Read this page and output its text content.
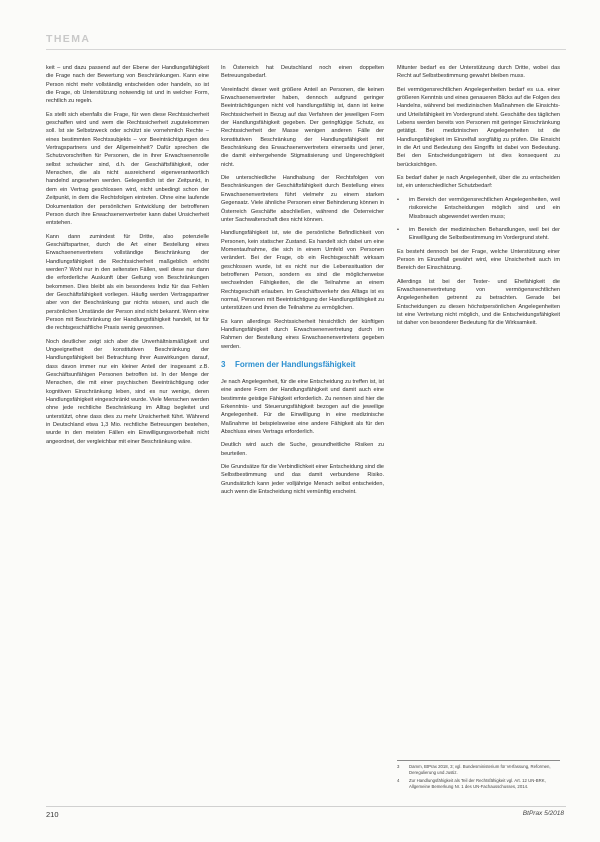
THEMA

keit – und dazu passend auf der Ebene der Handlungsfähigkeit die Frage nach der Bewertung von Beschränkungen. Kann eine Person nicht mehr vollständig entscheiden oder handeln, so ist die Frage, ob Unterstützung notwendig ist und in welcher Form, rechtlich zu regeln.

Es stellt sich ebenfalls die Frage, für wen diese Rechtssicherheit geschaffen wird und wem die Rechtssicherheit zugutekommen soll. Ist sie Selbstzweck oder schützt sie vornehmlich Rechte – eines bestimmten Rechtssubjekts – vor Beeinträchtigungen des Vertragspartners und der Allgemeinheit? Dafür sprechen die Schutzvorschriften für Personen, die in ihrer Erwachsenenrolle selbst schwächer sind, d.h. der Geschäftsfähigkeit, oder Menschen, die als nicht ausreichend eigenverantwortlich handelnd angesehen werden. Gelegentlich ist der Zeitpunkt, in dem ein Vertrag geschlossen wird, nicht unbedingt schon der Zeitpunkt, in dem die Rechtsfolgen eintreten. Ohne eine laufende Dokumentation der persönlichen Entwicklung der betroffenen Person durch ihre Erwachsenenvertreter kann dabei Unsicherheit entstehen.

Kann dann zumindest für Dritte, also potenzielle Geschäftspartner, durch die Art einer Bestellung eines Erwachsenenvertreters vollständige Beschränkung der Handlungsfähigkeit die Rechtssicherheit maßgeblich erhöht werden? Wohl nur in den seltensten Fällen, weil diese nur dann die erforderliche Auskunft über Geltung von Beschränkungen bekommen. Dies bleibt als ein besonderes Indiz für das Fehlen der Geschäftsfähigkeit vorliegen. Häufig werden Vertragspartner aber von der Beschränkung gar nichts wissen, und auch die persönlichen Umstände der Person sind nicht bekannt. Wenn eine Person mit Beschränkung der Handlungsfähigkeit handelt, ist für die rechtsgeschäftliche Praxis wenig gewonnen.

Noch deutlicher zeigt sich aber die Unverhältnismäßigkeit und Ungeeignetheit der konstitutiven Beschränkung der Handlungsfähigkeit bei Betrachtung ihrer Auswirkungen darauf, dass davon immer nur ein kleiner Anteil der insgesamt z.B. Geschäftsunfähigen Personen betroffen ist. In der Menge der Menschen, die mit einer psychischen Beeinträchtigung oder kognitiven Einschränkung leben, sind es nur wenige, deren Handlungsfähigkeit eingeschränkt wurde. Viele Menschen werden ohne jede rechtliche Beschränkung im Alltag begleitet und unterstützt, ohne dass dies zu mehr Unsicherheit führt. Während in Deutschland etwa 1,3 Mio. rechtliche Betreuungen bestehen, wurde in den meisten Fällen ein Einwilligungsvorbehalt nicht angeordnet, der vergleichbar mit einer Beschränkung wäre.

In Österreich hat Deutschland noch einen doppelten Betreuungsbedarf.

Vereinfacht dieser weit größere Anteil an Personen, die keinen Erwachsenenvertreter haben, dennoch aufgrund geringer Beeinträchtigungen nicht voll handlungsfähig ist, dann ist keine Rechtssicherheit in Bezug auf das Verfahren der jeweiligen Form der Handlungsfähigkeit gegeben. Der geringfügige Schutz, es Rechtssicherheit der Masse wenigen anderen Fälle der konstitutiven Beschränkung der Handlungsfähigkeit mit Beschränkung des Erwachsenenvertreters einerseits und jener, die damit einhergehende Stigmatisierung und Ungerechtigkeit nicht.

Die unterschiedliche Handhabung der Rechtsfolgen von Beschränkungen der Geschäftsfähigkeit durch Bestellung eines Erwachsenenvertreters führt vielmehr zu einem starken Gegensatz. Viele ähnliche Personen einer Behinderung können in Österreich Geschäfte abschließen, während die Österreicher unter Sachwalterschaft dies nicht können.

Handlungsfähigkeit ist, wie die persönliche Befindlichkeit von Personen, kein statischer Zustand. Es handelt sich dabei um eine Momentaufnahme, die sich in einem Umfeld von Personen verändert. Bei der Frage, ob ein Rechtsgeschäft wirksam geschlossen wurde, ist es nicht nur die Lebenssituation der betroffenen Person, sondern es sind die möglicherweise wechselnden Fähigkeiten, die die Teilnahme an einem Rechtsgeschäft erlauben. Im Geschäftsverkehr des Alltags ist es normal, Personen mit Beeinträchtigung der Handlungsfähigkeit zu unterstützen und ihnen die Teilnahme zu ermöglichen.

Es kann allerdings Rechtssicherheit hinsichtlich der künftigen Handlungsfähigkeit durch Erwachsenenvertretung durch im Rahmen der Bestellung eines Erwachsenenvertreters gegeben werden.

3	Formen der Handlungsfähigkeit

Je nach Angelegenheit, für die eine Entscheidung zu treffen ist, ist eine andere Form der Handlungsfähigkeit und damit auch eine bestimmte geistige Fähigkeit erforderlich. Zu nennen sind hier die Erkenntnis- und Steuerungsfähigkeit bezogen auf die jeweilige Angelegenheit. Für die Einwilligung in eine medizinische Maßnahme ist beispielsweise eine andere Fähigkeit als für den Abschluss eines Vertrags erforderlich.

Deutlich wird auch die Suche, gesundheitliche Risiken zu beurteilen.

Die Grundsätze für die Verbindlichkeit einer Entscheidung sind die Selbstbestimmung und das damit verbundene Risiko. Grundsätzlich kann jeder volljährige Mensch selbst entscheiden, auch wenn die Entscheidung nicht vernünftig erscheint.

Mitunter bedarf es der Unterstützung durch Dritte, wobei das Recht auf Selbstbestimmung gewahrt bleiben muss.

Bei vermögensrechtlichen Angelegenheiten bedarf es u.a. einer größeren Kenntnis und eines genaueren Blicks auf die Folgen des Handelns, während bei medizinischen Maßnahmen die Einsichts- und Urteilsfähigkeit im Vordergrund steht. Geschäfte des täglichen Lebens werden bereits von Personen mit geringer Einschränkung getätigt. Bei medizinischen Angelegenheiten ist die Handlungsfähigkeit im Einzelfall sorgfältig zu prüfen. Die Einsicht in die Art und Bedeutung des Eingriffs ist dabei von Bedeutung. Bei den Entscheidungsträgern ist dies konsequent zu berücksichtigen.

Es bedarf daher je nach Angelegenheit, über die zu entscheiden ist, ein unterschiedlicher Schutzbedarf:

•	im Bereich der vermögensrechtlichen Angelegenheiten, weil risikoreiche Entscheidungen möglich sind und ein Missbrauch abgewendet werden muss;
•	im Bereich der medizinischen Behandlungen, weil bei der Einwilligung die Selbstbestimmung im Vordergrund steht.

Es besteht dennoch bei der Frage, welche Unterstützung einer Person im Einzelfall gewährt wird, eine Unsicherheit auch im Bereich der Einschätzung.

Allerdings ist bei der Tester- und Ehefähigkeit die Erwachsenenvertretung von vermögensrechtlichen Angelegenheiten getrennt zu betrachten. Gerade bei Entscheidungen zu diesen höchstpersönlichen Angelegenheiten ist eine Vertretung nicht möglich, und die Entscheidungsfähigkeit ist daher von besonderer Bedeutung für die Wirksamkeit.

3	Damm, BtPrax 2018, 3; vgl. Bundesministerium für Verfassung, Reformen, Deregulierung und Justiz.
4	Zur Handlungsfähigkeit als Teil der Rechtsfähigkeit vgl. Art. 12 UN-BRK, Allgemeine Bemerkung Nr. 1 des UN-Fachausschusses, 2014.
210	BtPrax 5/2018
